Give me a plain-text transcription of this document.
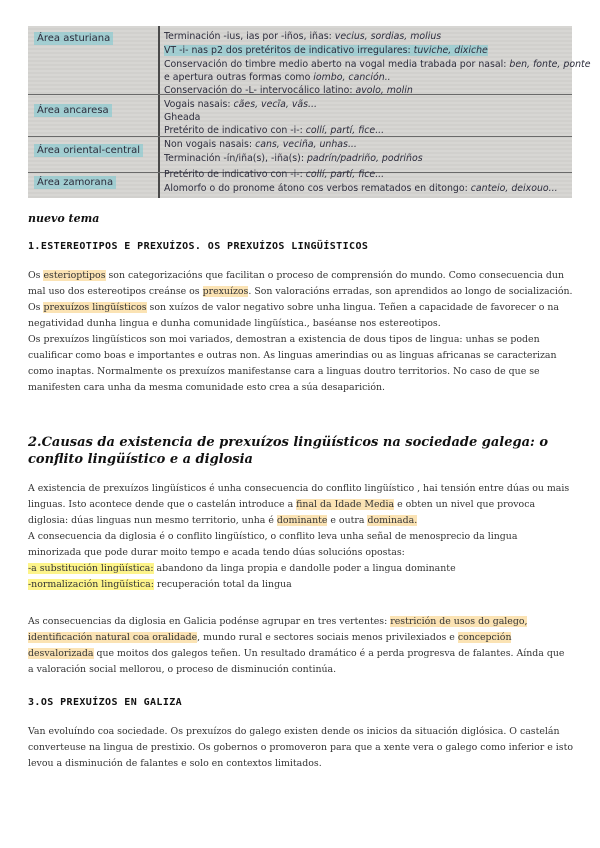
Área asturiana
Área ancaresa
Área oriental-central
Área zamorana
Terminación -ius, ias por -iños, iñas: vecius, sordias, molius
VT -i- nas p2 dos pretéritos de indicativo irregulares: tuviche, dixiche
Conservación do timbre medio aberto na vogal media trabada por nasal: ben, fonte, ponte
e apertura outras formas como iombo, canción..
Conservación do -L- intervocálico latino: avolo, molin
Vogais nasais: cães, vecĩa, vãs...
Gheada
Pretérito de indicativo con -i-: collí, partí, fice...
Non vogais nasais: cans, veciña, unhas...
Terminación -ín/iña(s), -iña(s): padrín/padriño, podriños
Pretérito de indicativo con -i-: collí, partí, fice...
Alomorfo o do pronome átono cos verbos rematados en ditongo: canteio, deixouo...
nuevo tema
1.ESTEREOTIPOS E PREXUÍZOS. OS PREXUÍZOS LINGÜÍSTICOS

Os esterioptipos son categorizacións que facilitan o proceso de comprensión do mundo. Como consecuencia dun mal uso dos estereotipos creánse os prexuízos. Son valoracións erradas, son aprendidos ao longo de socialización.

Os prexuízos lingüísticos son xuízos de valor negativo sobre unha lingua. Teñen a capacidade de favorecer o na negatividad dunha lingua e dunha comunidade lingüística., baséanse nos estereotipos.

Os prexuízos lingüísticos son moi variados, demostran a existencia de dous tipos de lingua: unhas se poden cualificar como boas e importantes e outras non. As linguas amerindias ou as linguas africanas se caracterizan como inaptas. Normalmente os prexuízos manifestanse cara a linguas doutro territorios. No caso de que se manifesten cara unha da mesma comunidade esto crea a súa desaparición.

2.Causas da existencia de prexuízos lingüísticos na sociedade galega: o conflito lingüístico e a diglosia

A existencia de prexuízos lingüísticos é unha consecuencia do conflito lingüístico , hai tensión entre dúas ou mais linguas. Isto acontece dende que o castelán introduce a final da Idade Media e obten un nivel que provoca diglosia: dúas linguas nun mesmo territorio, unha é dominante e outra dominada.

A consecuencia da diglosia é o conflito lingüístico, o conflito leva unha señal de menosprecio da lingua minorizada que pode durar moito tempo e acada tendo dúas solucións opostas:

-a substitución lingüística: abandono da linga propia e dandolle poder a lingua dominante

-normalización lingüística: recuperación total da lingua

As consecuencias da diglosia en Galicia podénse agrupar en tres vertentes: restrición de usos do galego, identificación natural coa oralidade, mundo rural e sectores sociais menos privilexiados e concepción desvalorizada que moitos dos galegos teñen. Un resultado dramático é a perda progresva de falantes. Aínda que a valoración social mellorou, o proceso de disminución continúa.

3.OS PREXUÍZOS EN GALIZA

Van evoluíndo coa sociedade. Os prexuízos do galego existen dende os inicios da situación diglósica. O castelán converteuse na lingua de prestixio. Os gobernos o promoveron para que a xente vera o galego como inferior e isto levou a disminución de falantes e solo en contextos limitados.
